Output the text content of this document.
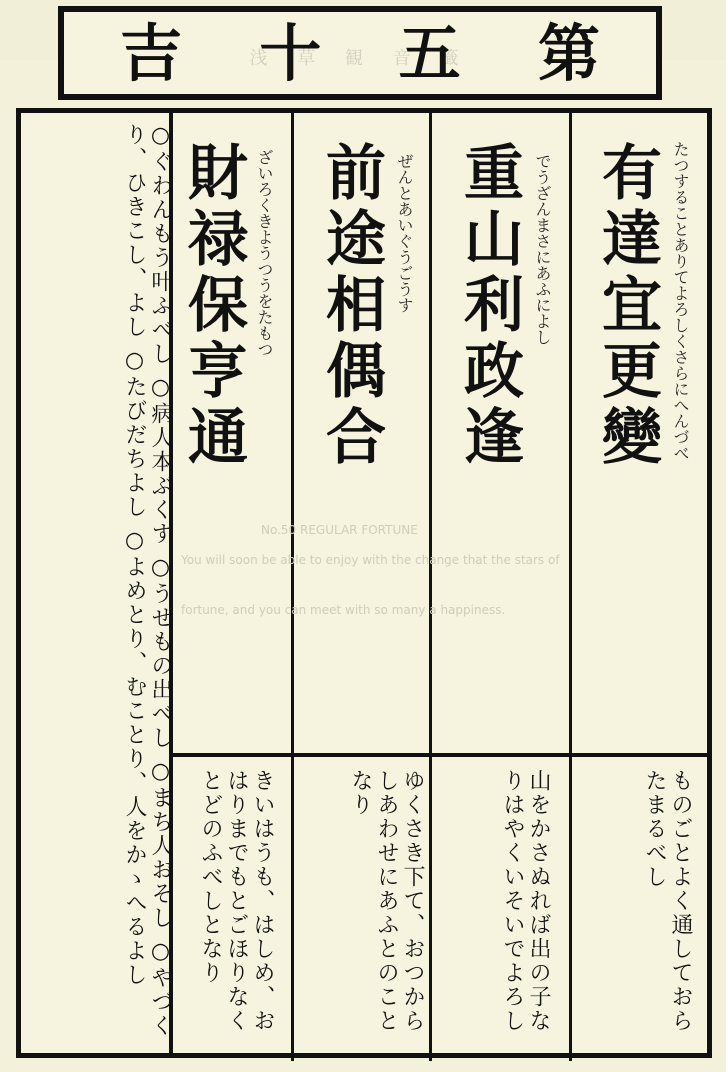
浅 草 観 音 籤	第
五
十
吉
No.50 REGULAR FORTUNE
You will soon be able to enjoy with the change that the stars of
fortune, and you can meet with so many a happiness.
有達宜更變 たつすることありてよろしくさらにへんづべ
重山利政逢 でうざんまさにあふによし
前途相偶合 ぜんとあいぐうごうす
財禄保亨通 ざいろくきようつうをたもつ
ものごとよく通しておらたまるべし
山をかさぬれば出の子なりはやくいそいでよろし
ゆくさき下て、おつからしあわせにあふとのことなり
きいはうも、はしめ、おはりまでもとごほりなくとどのふべしとなり
○ぐわんもう叶ふべし ○病人本ぶくす ○うせもの出べし ○まち人おそし ○やづくり、ひきこし、よし ○たびだちよし ○よめとり、むことり、人をかゝへるよし
